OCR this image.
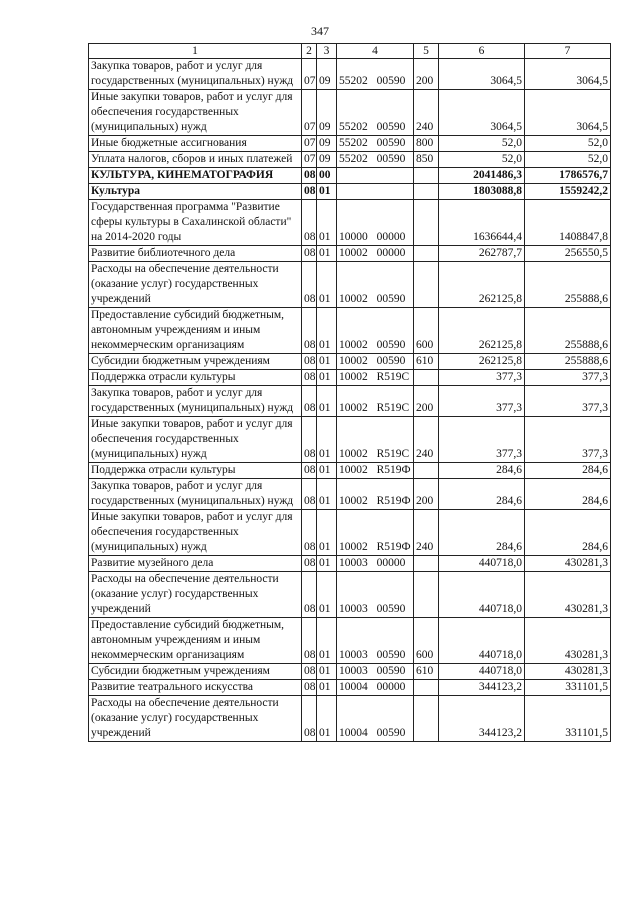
347
1	2	3	4	5	6	7
Закупка товаров, работ и услуг для государственных (муниципальных) нужд	07	09	55202 00590	200	3064,5	3064,5
Иные закупки товаров, работ и услуг для обеспечения государственных (муниципальных) нужд	07	09	55202 00590	240	3064,5	3064,5
Иные бюджетные ассигнования	07	09	55202 00590	800	52,0	52,0
Уплата налогов, сборов и иных платежей	07	09	55202 00590	850	52,0	52,0
КУЛЬТУРА, КИНЕМАТОГРАФИЯ	08	00			2041486,3	1786576,7
Культура	08	01			1803088,8	1559242,2
Государственная программа "Развитие сферы культуры в Сахалинской области" на 2014-2020 годы	08	01	10000 00000		1636644,4	1408847,8
Развитие библиотечного дела	08	01	10002 00000		262787,7	256550,5
Расходы на обеспечение деятельности (оказание услуг) государственных учреждений	08	01	10002 00590		262125,8	255888,6
Предоставление субсидий бюджетным, автономным учреждениям и иным некоммерческим организациям	08	01	10002 00590	600	262125,8	255888,6
Субсидии бюджетным учреждениям	08	01	10002 00590	610	262125,8	255888,6
Поддержка отрасли культуры	08	01	10002 R519C		377,3	377,3
Закупка товаров, работ и услуг для государственных (муниципальных) нужд	08	01	10002 R519C	200	377,3	377,3
Иные закупки товаров, работ и услуг для обеспечения государственных (муниципальных) нужд	08	01	10002 R519C	240	377,3	377,3
Поддержка отрасли культуры	08	01	10002 R519Ф		284,6	284,6
Закупка товаров, работ и услуг для государственных (муниципальных) нужд	08	01	10002 R519Ф	200	284,6	284,6
Иные закупки товаров, работ и услуг для обеспечения государственных (муниципальных) нужд	08	01	10002 R519Ф	240	284,6	284,6
Развитие музейного дела	08	01	10003 00000		440718,0	430281,3
Расходы на обеспечение деятельности (оказание услуг) государственных учреждений	08	01	10003 00590		440718,0	430281,3
Предоставление субсидий бюджетным, автономным учреждениям и иным некоммерческим организациям	08	01	10003 00590	600	440718,0	430281,3
Субсидии бюджетным учреждениям	08	01	10003 00590	610	440718,0	430281,3
Развитие театрального искусства	08	01	10004 00000		344123,2	331101,5
Расходы на обеспечение деятельности (оказание услуг) государственных учреждений	08	01	10004 00590		344123,2	331101,5
